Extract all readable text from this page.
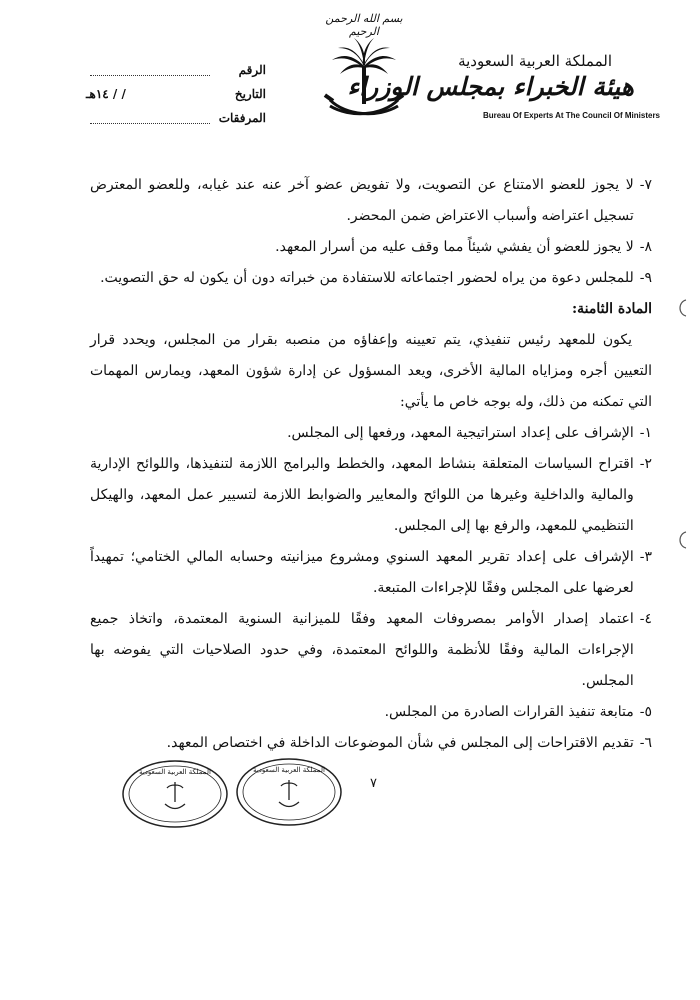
الرقم
التاريخ
/ / ١٤هـ
المرفقات
بسم الله الرحمن الرحيم
المملكة العربية السعودية
هيئة الخبراء بمجلس الوزراء
Bureau Of Experts At The Council Of Ministers
٧-
لا يجوز للعضو الامتناع عن التصويت، ولا تفويض عضو آخر عنه عند غيابه، وللعضو المعترض تسجيل اعتراضه وأسباب الاعتراض ضمن المحضر.
٨-
لا يجوز للعضو أن يفشي شيئاً مما وقف عليه من أسرار المعهد.
٩-
للمجلس دعوة من يراه لحضور اجتماعاته للاستفادة من خبراته دون أن يكون له حق التصويت.

المادة الثامنة:

يكون للمعهد رئيس تنفيذي، يتم تعيينه وإعفاؤه من منصبه بقرار من المجلس، ويحدد قرار التعيين أجره ومزاياه المالية الأخرى، ويعد المسؤول عن إدارة شؤون المعهد، ويمارس المهمات التي تمكنه من ذلك، وله بوجه خاص ما يأتي:

١-
الإشراف على إعداد استراتيجية المعهد، ورفعها إلى المجلس.
٢-
اقتراح السياسات المتعلقة بنشاط المعهد، والخطط والبرامج اللازمة لتنفيذها، واللوائح الإدارية والمالية والداخلية وغيرها من اللوائح والمعايير والضوابط اللازمة لتسيير عمل المعهد، والهيكل التنظيمي للمعهد، والرفع بها إلى المجلس.
٣-
الإشراف على إعداد تقرير المعهد السنوي ومشروع ميزانيته وحسابه المالي الختامي؛ تمهيداً لعرضها على المجلس وفقًا للإجراءات المتبعة.
٤-
اعتماد إصدار الأوامر بمصروفات المعهد وفقًا للميزانية السنوية المعتمدة، واتخاذ جميع الإجراءات المالية وفقًا للأنظمة واللوائح المعتمدة، وفي حدود الصلاحيات التي يفوضه بها المجلس.
٥-
متابعة تنفيذ القرارات الصادرة من المجلس.
٦-
تقديم الاقتراحات إلى المجلس في شأن الموضوعات الداخلة في اختصاص المعهد.
المملكة العربية السعودية	المملكة العربية السعودية
٧
